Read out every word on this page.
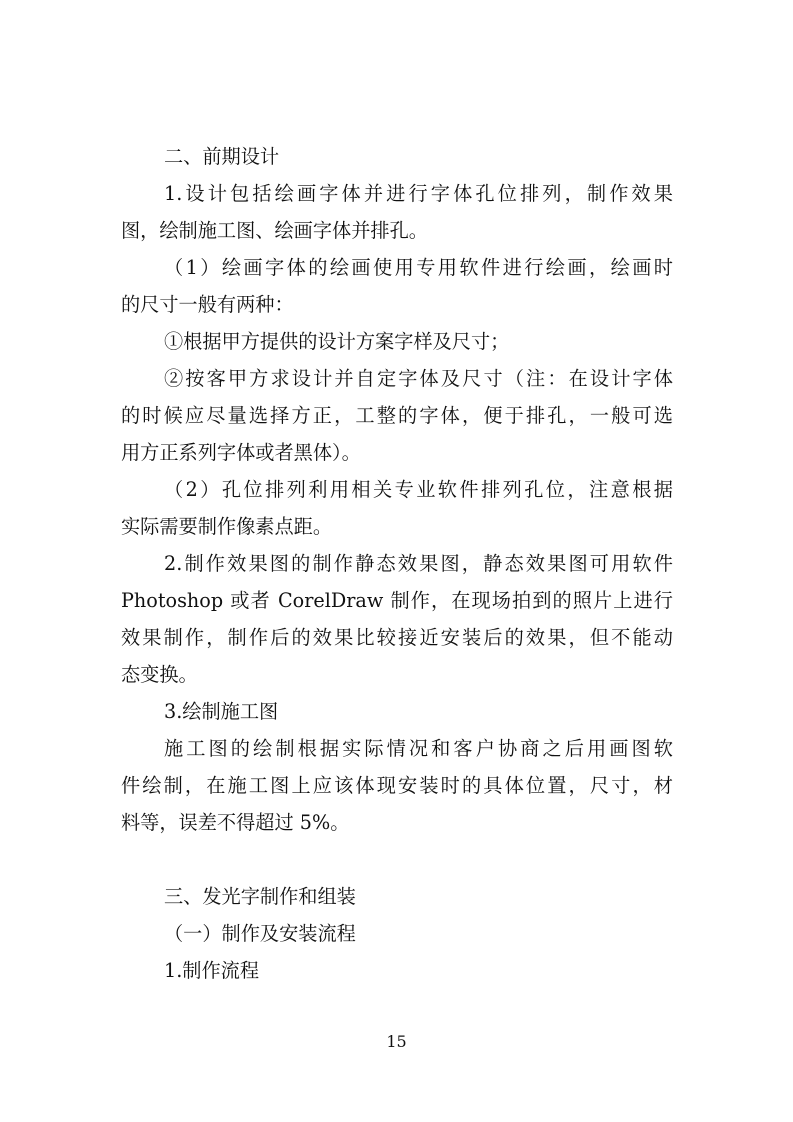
二、前期设计
1.设计包括绘画字体并进行字体孔位排列，制作效果
图，绘制施工图、绘画字体并排孔。
（1）绘画字体的绘画使用专用软件进行绘画，绘画时
的尺寸一般有两种：
①根据甲方提供的设计方案字样及尺寸；
②按客甲方求设计并自定字体及尺寸（注：在设计字体
的时候应尽量选择方正，工整的字体，便于排孔，一般可选
用方正系列字体或者黑体）。
（2）孔位排列利用相关专业软件排列孔位，注意根据
实际需要制作像素点距。
2.制作效果图的制作静态效果图，静态效果图可用软件
Photoshop 或者 CorelDraw 制作，在现场拍到的照片上进行
效果制作，制作后的效果比较接近安装后的效果，但不能动
态变换。
3.绘制施工图
施工图的绘制根据实际情况和客户协商之后用画图软
件绘制，在施工图上应该体现安装时的具体位置，尺寸，材
料等，误差不得超过 5%。
三、发光字制作和组装
（一）制作及安装流程
1.制作流程
15
